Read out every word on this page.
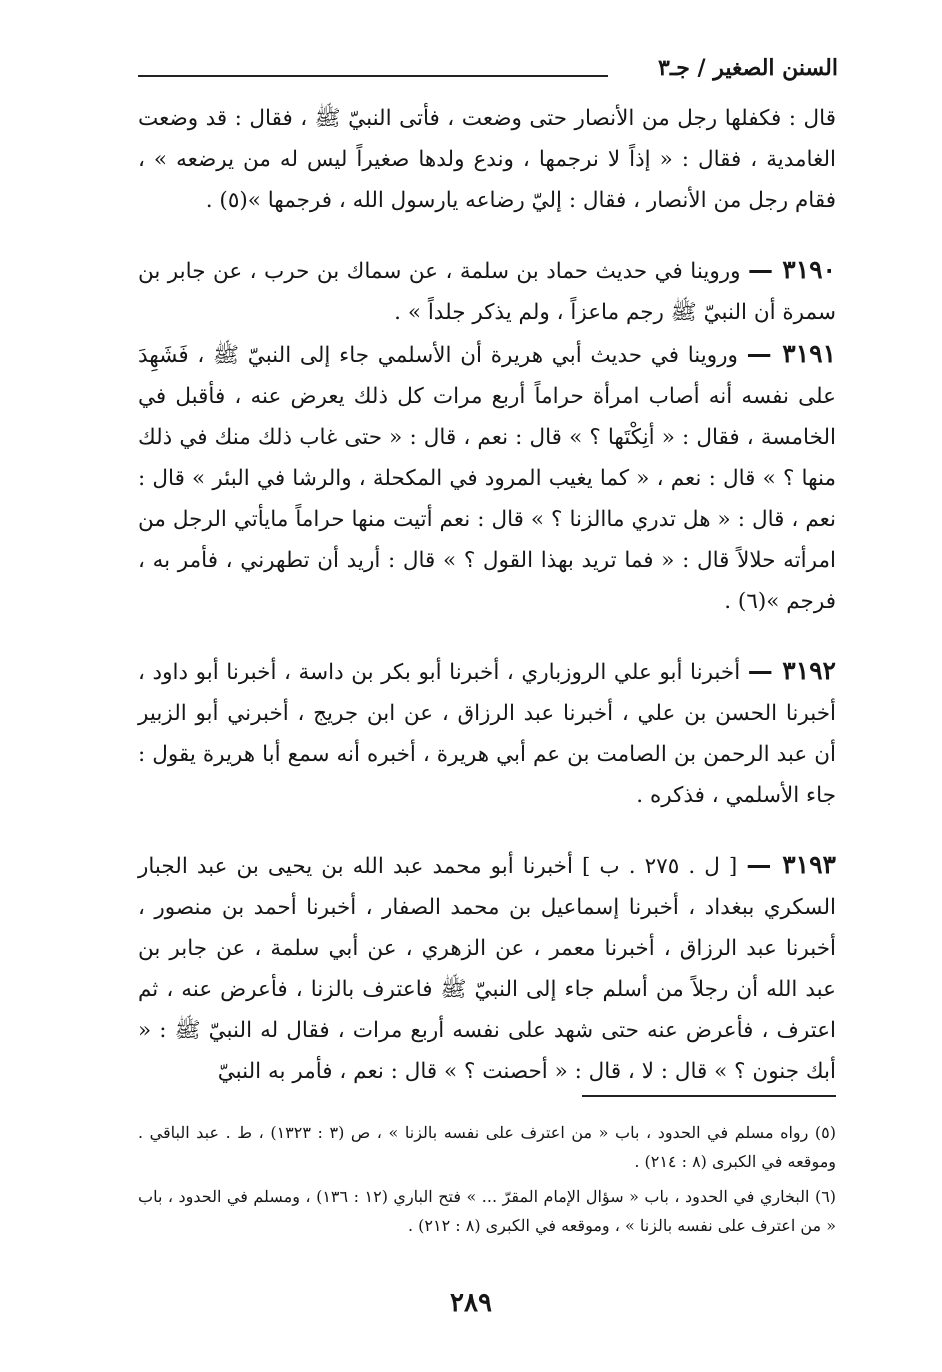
السنن الصغير / جـ٣

قال : فكفلها رجل من الأنصار حتى وضعت ، فأتى النبيّ ﷺ ، فقال : قد وضعت الغامدية ، فقال : « إذاً لا نرجمها ، وندع ولدها صغيراً ليس له من يرضعه » ، فقام رجل من الأنصار ، فقال : إليّ رضاعه يارسول الله ، فرجمها »(٥) .

٣١٩٠ — وروينا في حديث حماد بن سلمة ، عن سماك بن حرب ، عن جابر بن سمرة أن النبيّ ﷺ رجم ماعزاً ، ولم يذكر جلداً » .

٣١٩١ — وروينا في حديث أبي هريرة أن الأسلمي جاء إلى النبيّ ﷺ ، فَشَهِدَ على نفسه أنه أصاب امرأة حراماً أربع مرات كل ذلك يعرض عنه ، فأقبل في الخامسة ، فقال : « أنِكْتَها ؟ » قال : نعم ، قال : « حتى غاب ذلك منك في ذلك منها ؟ » قال : نعم ، « كما يغيب المرود في المكحلة ، والرشا في البئر » قال : نعم ، قال : « هل تدري ماالزنا ؟ » قال : نعم أتيت منها حراماً مايأتي الرجل من امرأته حلالاً قال : « فما تريد بهذا القول ؟ » قال : أريد أن تطهرني ، فأمر به ، فرجم »(٦) .

٣١٩٢ — أخبرنا أبو علي الروزباري ، أخبرنا أبو بكر بن داسة ، أخبرنا أبو داود ، أخبرنا الحسن بن علي ، أخبرنا عبد الرزاق ، عن ابن جريج ، أخبرني أبو الزبير أن عبد الرحمن بن الصامت بن عم أبي هريرة ، أخبره أنه سمع أبا هريرة يقول : جاء الأسلمي ، فذكره .

٣١٩٣ — [ ل . ٢٧٥ . ب ] أخبرنا أبو محمد عبد الله بن يحيى بن عبد الجبار السكري ببغداد ، أخبرنا إسماعيل بن محمد الصفار ، أخبرنا أحمد بن منصور ، أخبرنا عبد الرزاق ، أخبرنا معمر ، عن الزهري ، عن أبي سلمة ، عن جابر بن عبد الله أن رجلاً من أسلم جاء إلى النبيّ ﷺ فاعترف بالزنا ، فأعرض عنه ، ثم اعترف ، فأعرض عنه حتى شهد على نفسه أربع مرات ، فقال له النبيّ ﷺ : « أبك جنون ؟ » قال : لا ، قال : « أحصنت ؟ » قال : نعم ، فأمر به النبيّ

(٥) رواه مسلم في الحدود ، باب « من اعترف على نفسه بالزنا » ، ص (٣ : ١٣٢٣) ، ط . عبد الباقي . وموقعه في الكبرى (٨ : ٢١٤) .

(٦) البخاري في الحدود ، باب « سؤال الإمام المقرّ ... » فتح الباري (١٢ : ١٣٦) ، ومسلم في الحدود ، باب « من اعترف على نفسه بالزنا » ، وموقعه في الكبرى (٨ : ٢١٢) .

٢٨٩
